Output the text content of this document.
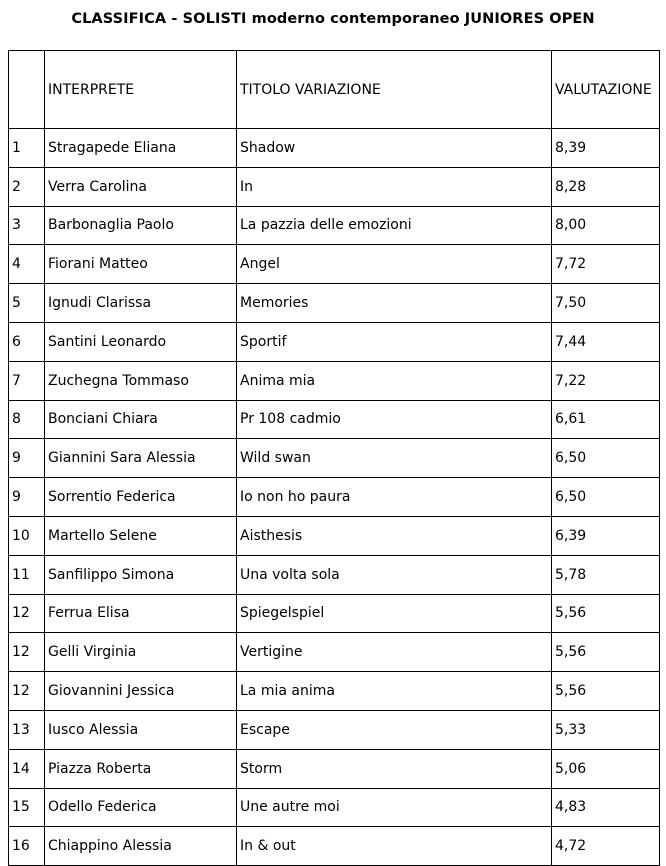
CLASSIFICA - SOLISTI moderno contemporaneo JUNIORES OPEN
	INTERPRETE	TITOLO VARIAZIONE	VALUTAZIONE
1	Stragapede Eliana	Shadow	8,39
2	Verra Carolina	In	8,28
3	Barbonaglia Paolo	La pazzia delle emozioni	8,00
4	Fiorani Matteo	Angel	7,72
5	Ignudi Clarissa	Memories	7,50
6	Santini Leonardo	Sportif	7,44
7	Zuchegna Tommaso	Anima mia	7,22
8	Bonciani Chiara	Pr 108 cadmio	6,61
9	Giannini Sara Alessia	Wild swan	6,50
9	Sorrentio Federica	Io non ho paura	6,50
10	Martello Selene	Aisthesis	6,39
11	Sanfilippo Simona	Una volta sola	5,78
12	Ferrua Elisa	Spiegelspiel	5,56
12	Gelli Virginia	Vertigine	5,56
12	Giovannini Jessica	La mia anima	5,56
13	Iusco Alessia	Escape	5,33
14	Piazza Roberta	Storm	5,06
15	Odello Federica	Une autre moi	4,83
16	Chiappino Alessia	In & out	4,72
